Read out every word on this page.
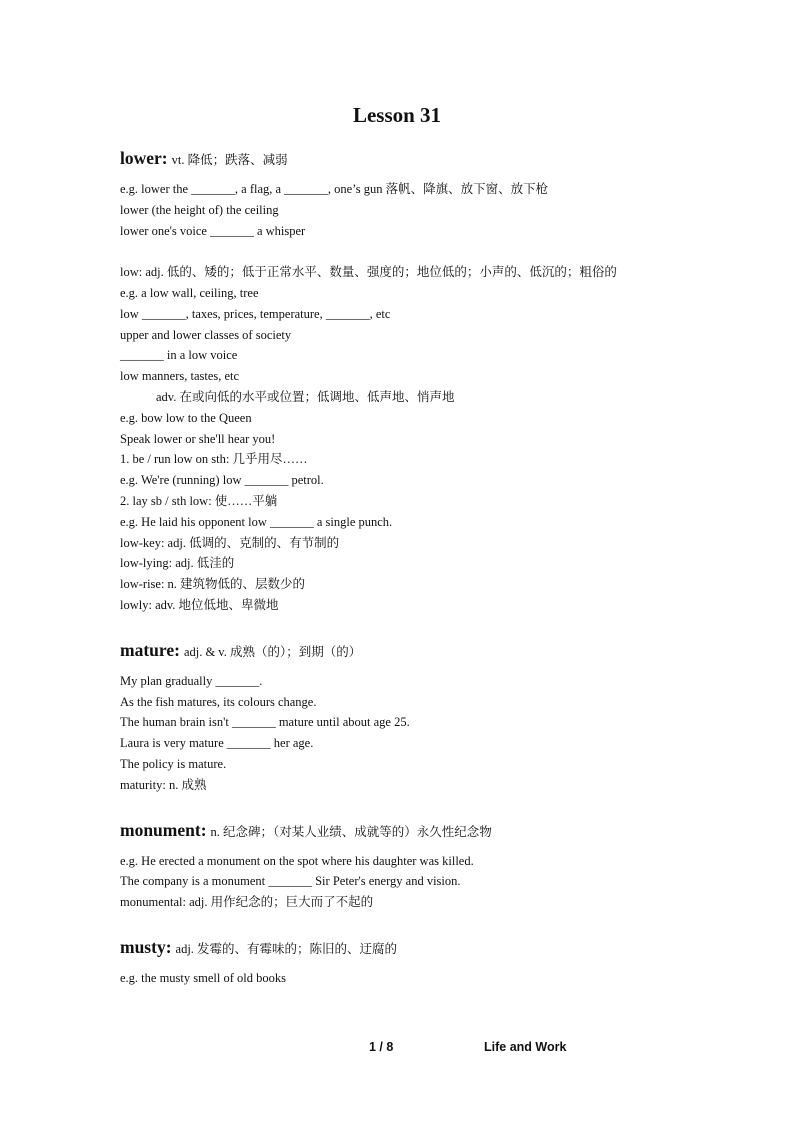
Lesson 31
lower: vt. 降低；跌落、减弱
e.g. lower the _______, a flag, a _______, one’s gun 落帆、降旗、放下窗、放下枪
lower (the height of) the ceiling
lower one's voice _______ a whisper
low: adj. 低的、矮的；低于正常水平、数量、强度的；地位低的；小声的、低沉的；粗俗的
e.g. a low wall, ceiling, tree
low _______, taxes, prices, temperature, _______, etc
upper and lower classes of society
_______ in a low voice
low manners, tastes, etc
adv. 在或向低的水平或位置；低调地、低声地、悄声地
e.g. bow low to the Queen
Speak lower or she'll hear you!
1. be / run low on sth: 几乎用尽……
e.g. We're (running) low _______ petrol.
2. lay sb / sth low: 使……平躺
e.g. He laid his opponent low _______ a single punch.
low-key: adj. 低调的、克制的、有节制的
low-lying: adj. 低洼的
low-rise: n. 建筑物低的、层数少的
lowly: adv. 地位低地、卑微地
mature: adj. & v. 成熟（的）；到期（的）
My plan gradually _______.
As the fish matures, its colours change.
The human brain isn't _______ mature until about age 25.
Laura is very mature _______ her age.
The policy is mature.
maturity: n. 成熟
monument: n. 纪念碑；（对某人业绩、成就等的）永久性纪念物
e.g. He erected a monument on the spot where his daughter was killed.
The company is a monument _______ Sir Peter's energy and vision.
monumental: adj. 用作纪念的；巨大而了不起的
musty: adj. 发霉的、有霉味的；陈旧的、迂腐的
e.g. the musty smell of old books
1 / 8	Life and Work
